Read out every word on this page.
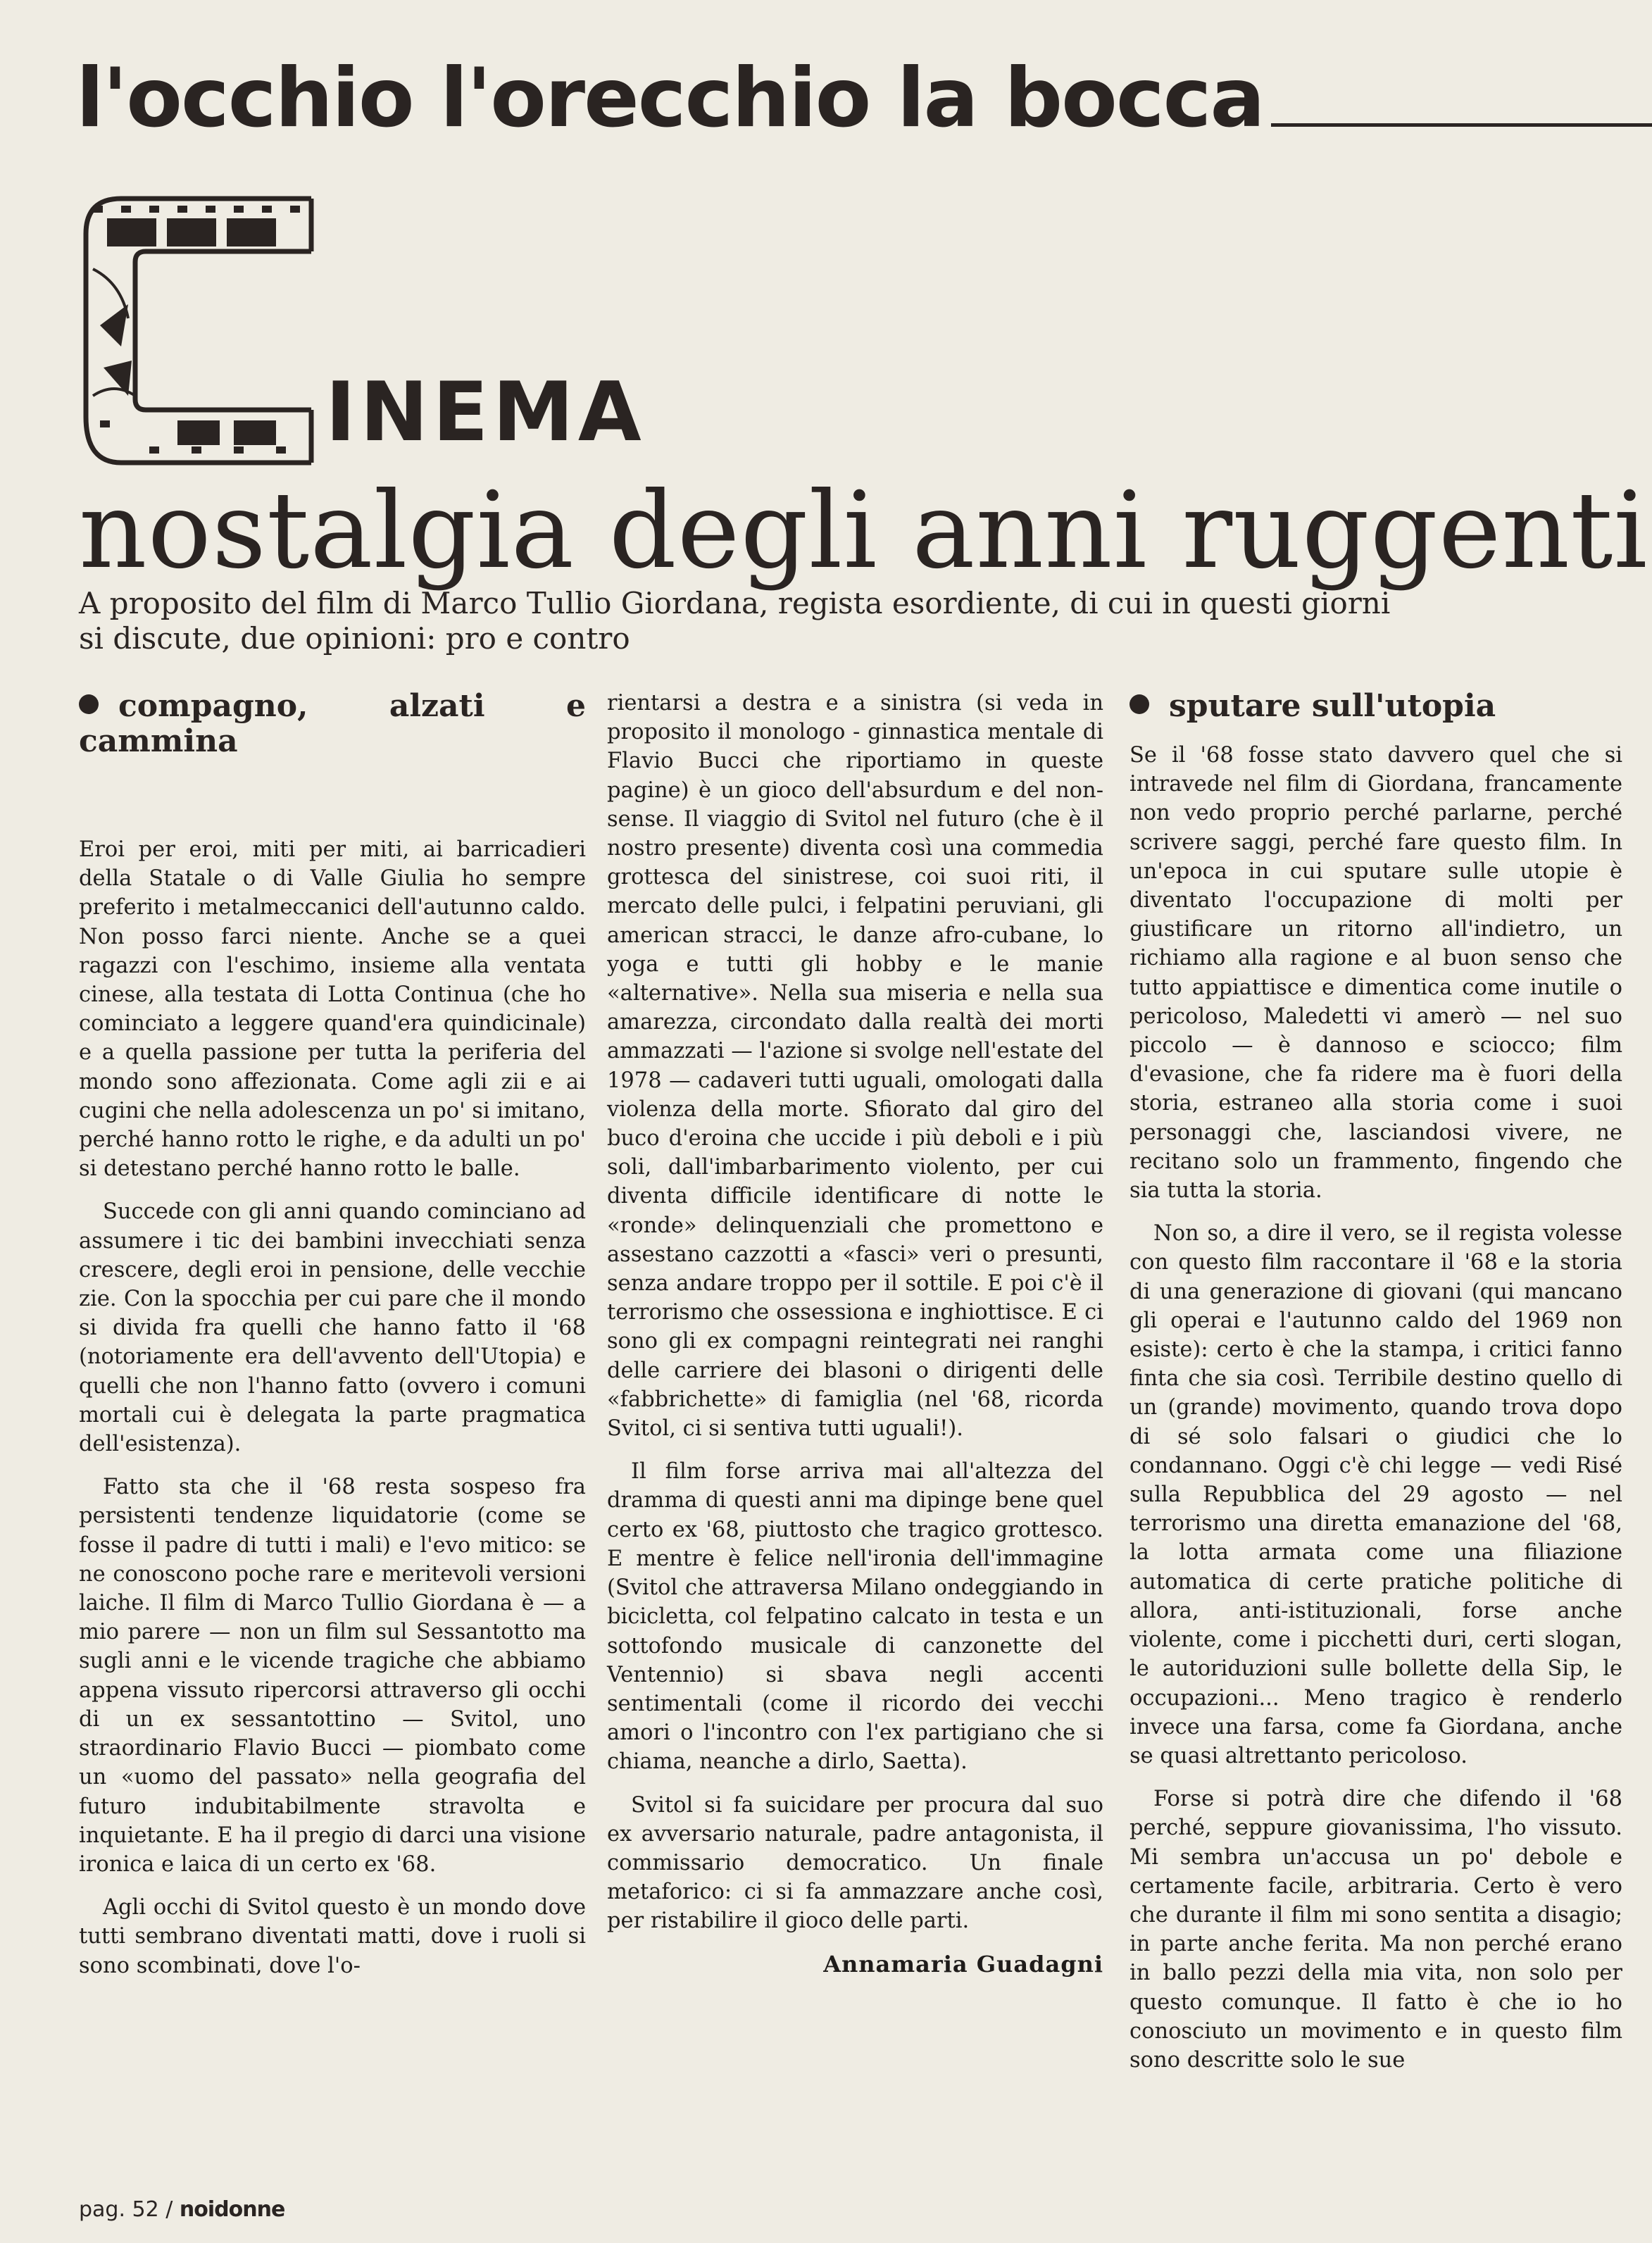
l'occhio l'orecchio la bocca
INEMA
nostalgia degli anni ruggenti
A proposito del film di Marco Tullio Giordana, regista esordiente, di cui in questi giorni si discute, due opinioni: pro e contro
compagno, alzati e cammina

Eroi per eroi, miti per miti, ai barricadieri della Statale o di Valle Giulia ho sempre preferito i metalmeccanici dell'autunno caldo. Non posso farci niente. Anche se a quei ragazzi con l'eschimo, insieme alla ventata cinese, alla testata di Lotta Continua (che ho cominciato a leggere quand'era quindicinale) e a quella passione per tutta la periferia del mondo sono affezionata. Come agli zii e ai cugini che nella adolescenza un po' si imitano, perché hanno rotto le righe, e da adulti un po' si detestano perché hanno rotto le balle.

Succede con gli anni quando cominciano ad assumere i tic dei bambini invecchiati senza crescere, degli eroi in pensione, delle vecchie zie. Con la spocchia per cui pare che il mondo si divida fra quelli che hanno fatto il '68 (notoriamente era dell'avvento dell'Utopia) e quelli che non l'hanno fatto (ovvero i comuni mortali cui è delegata la parte pragmatica dell'esistenza).

Fatto sta che il '68 resta sospeso fra persistenti tendenze liquidatorie (come se fosse il padre di tutti i mali) e l'evo mitico: se ne conoscono poche rare e meritevoli versioni laiche. Il film di Marco Tullio Giordana è — a mio parere — non un film sul Sessantotto ma sugli anni e le vicende tragiche che abbiamo appena vissuto ripercorsi attraverso gli occhi di un ex sessantottino — Svitol, uno straordinario Flavio Bucci — piombato come un «uomo del passato» nella geografia del futuro indubitabilmente stravolta e inquietante. E ha il pregio di darci una visione ironica e laica di un certo ex '68.

Agli occhi di Svitol questo è un mondo dove tutti sembrano diventati matti, dove i ruoli si sono scombinati, dove l'o-

rientarsi a destra e a sinistra (si veda in proposito il monologo - ginnastica mentale di Flavio Bucci che riportiamo in queste pagine) è un gioco dell'absurdum e del non-sense. Il viaggio di Svitol nel futuro (che è il nostro presente) diventa così una commedia grottesca del sinistrese, coi suoi riti, il mercato delle pulci, i felpatini peruviani, gli american stracci, le danze afro-cubane, lo yoga e tutti gli hobby e le manie «alternative». Nella sua miseria e nella sua amarezza, circondato dalla realtà dei morti ammazzati — l'azione si svolge nell'estate del 1978 — cadaveri tutti uguali, omologati dalla violenza della morte. Sfiorato dal giro del buco d'eroina che uccide i più deboli e i più soli, dall'imbarbarimento violento, per cui diventa difficile identificare di notte le «ronde» delinquenziali che promettono e assestano cazzotti a «fasci» veri o presunti, senza andare troppo per il sottile. E poi c'è il terrorismo che ossessiona e inghiottisce. E ci sono gli ex compagni reintegrati nei ranghi delle carriere dei blasoni o dirigenti delle «fabbrichette» di famiglia (nel '68, ricorda Svitol, ci si sentiva tutti uguali!).

Il film forse arriva mai all'altezza del dramma di questi anni ma dipinge bene quel certo ex '68, piuttosto che tragico grottesco. E mentre è felice nell'ironia dell'immagine (Svitol che attraversa Milano ondeggiando in bicicletta, col felpatino calcato in testa e un sottofondo musicale di canzonette del Ventennio) si sbava negli accenti sentimentali (come il ricordo dei vecchi amori o l'incontro con l'ex partigiano che si chiama, neanche a dirlo, Saetta).

Svitol si fa suicidare per procura dal suo ex avversario naturale, padre antagonista, il commissario democratico. Un finale metaforico: ci si fa ammazzare anche così, per ristabilire il gioco delle parti.

Annamaria Guadagni
sputare sull'utopia

Se il '68 fosse stato davvero quel che si intravede nel film di Giordana, francamente non vedo proprio perché parlarne, perché scrivere saggi, perché fare questo film. In un'epoca in cui sputare sulle utopie è diventato l'occupazione di molti per giustificare un ritorno all'indietro, un richiamo alla ragione e al buon senso che tutto appiattisce e dimentica come inutile o pericoloso, Maledetti vi amerò — nel suo piccolo — è dannoso e sciocco; film d'evasione, che fa ridere ma è fuori della storia, estraneo alla storia come i suoi personaggi che, lasciandosi vivere, ne recitano solo un frammento, fingendo che sia tutta la storia.

Non so, a dire il vero, se il regista volesse con questo film raccontare il '68 e la storia di una generazione di giovani (qui mancano gli operai e l'autunno caldo del 1969 non esiste): certo è che la stampa, i critici fanno finta che sia così. Terribile destino quello di un (grande) movimento, quando trova dopo di sé solo falsari o giudici che lo condannano. Oggi c'è chi legge — vedi Risé sulla Repubblica del 29 agosto — nel terrorismo una diretta emanazione del '68, la lotta armata come una filiazione automatica di certe pratiche politiche di allora, anti-istituzionali, forse anche violente, come i picchetti duri, certi slogan, le autoriduzioni sulle bollette della Sip, le occupazioni... Meno tragico è renderlo invece una farsa, come fa Giordana, anche se quasi altrettanto pericoloso.

Forse si potrà dire che difendo il '68 perché, seppure giovanissima, l'ho vissuto. Mi sembra un'accusa un po' debole e certamente facile, arbitraria. Certo è vero che durante il film mi sono sentita a disagio; in parte anche ferita. Ma non perché erano in ballo pezzi della mia vita, non solo per questo comunque. Il fatto è che io ho conosciuto un movimento e in questo film sono descritte solo le sue

pag. 52 / noidonne
